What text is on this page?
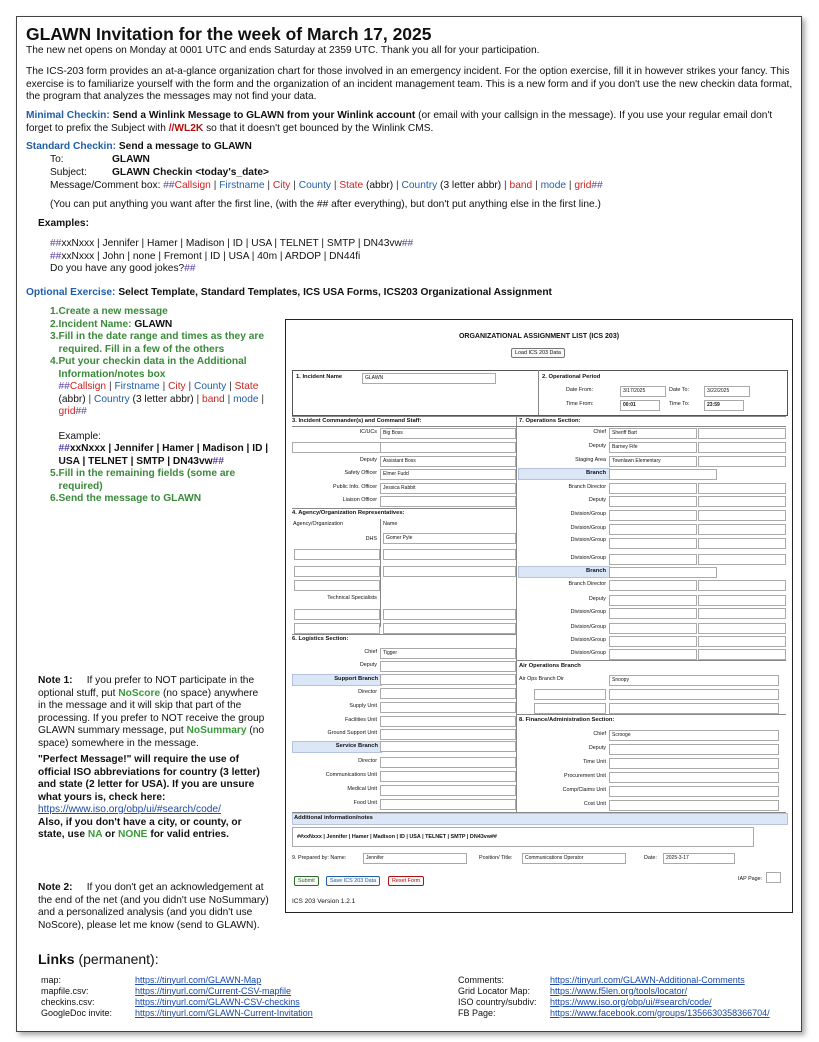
GLAWN Invitation for the week of March 17, 2025
The new net opens on Monday at 0001 UTC and ends Saturday at 2359 UTC. Thank you all for your participation.
The ICS-203 form provides an at-a-glance organization chart for those involved in an emergency incident. For the option exercise, fill it in however strikes your fancy. This exercise is to familiarize yourself with the form and the organization of an incident management team. This is a new form and if you don't use the new checkin data format, the program that analyzes the messages may not find your data.
Minimal Checkin: Send a Winlink Message to GLAWN from your Winlink account (or email with your callsign in the message). If you use your regular email don't forget to prefix the Subject with //WL2K so that it doesn't get bounced by the Winlink CMS.
Standard Checkin: Send a message to GLAWN
To:	GLAWN
Subject: GLAWN Checkin <today's_date>
Message/Comment box: ##Callsign | Firstname | City | County | State (abbr) | Country (3 letter abbr) | band | mode | grid##
(You can put anything you want after the first line, (with the ## after everything), but don't put anything else in the first line.)
Examples:
##xxNxxx | Jennifer | Hamer | Madison | ID | USA | TELNET | SMTP | DN43vw##
##xxNxxx | John | none | Fremont | ID | USA | 40m | ARDOP | DN44fi
Do you have any good jokes?##
Optional Exercise: Select Template, Standard Templates, ICS USA Forms, ICS203 Organizational Assignment
1.Create a new message
2.Incident Name: GLAWN
3. Fill in the date range and times as they are required. Fill in a few of the others
4. Put your checkin data in the Additional Information/notes box
##Callsign | Firstname | City | County | State (abbr) | Country (3 letter abbr) | band | mode | grid##
Example:
##xxNxxx | Jennifer | Hamer | Madison | ID | USA | TELNET | SMTP | DN43vw##
5. Fill in the remaining fields (some are required)
6.Send the message to GLAWN
Note 1: If you prefer to NOT participate in the optional stuff, put NoScore (no space) anywhere in the message and it will skip that part of the processing. If you prefer to NOT receive the group GLAWN summary message, put NoSummary (no space) somewhere in the message.
"Perfect Message!" will require the use of official ISO abbreviations for country (3 letter) and state (2 letter for USA). If you are unsure what yours is, check here:
https://www.iso.org/obp/ui/#search/code/
Also, if you don't have a city, or county, or state, use NA or NONE for valid entries.
Note 2: If you don't get an acknowledgement at the end of the net (and you didn't use NoSummary) and a personalized analysis (and you didn't use NoScore), please let me know (send to GLAWN).
Links (permanent):
map:	https://tinyurl.com/GLAWN-Map
mapfile.csv:	https://tinyurl.com/Current-CSV-mapfile
checkins.csv:	https://tinyurl.com/GLAWN-CSV-checkins
GoogleDoc invite:	https://tinyurl.com/GLAWN-Current-Invitation
Comments:	https://tinyurl.com/GLAWN-Additional-Comments
Grid Locator Map:	https://www.f5len.org/tools/locator/
ISO country/subdiv:	https://www.iso.org/obp/ui/#search/code/
FB Page:	https://www.facebook.com/groups/1356630358366704/
ORGANIZATIONAL ASSIGNMENT LIST (ICS 203)
Load ICS 203 Data
1. Incident Name	GLAWN	2. Operational Period
Date From:	3/17/2025	Date To:	3/22/2025
Time From:	00:01	Time To:	23:59
3. Incident Commander(s) and Command Staff:
IC/UCs	Big Boss
Deputy	Assistant Boss
Safety Officer	Elmer Fudd
Public Info. Officer	Jessica Rabbit
Liaison Officer
4. Agency/Organization Representatives:
Agency/Organization	Name
DHS	Gomer Pyle
Technical Specialists
6. Logistics Section:
Chief	Tigger
Deputy
Support Branch
Director
Supply Unit
Facilities Unit
Ground Support Unit
Service Branch
Director
Communications Unit
Medical Unit
Food Unit
7. Operations Section:
Chief	Sheriff Bart
Deputy	Barney Fife
Staging Area	Townlawn Elementary
Branch
Branch Director
Deputy
Division/Group
Division/Group
Division/Group
Division/Group
Branch
Branch Director
Deputy
Division/Group
Division/Group
Division/Group
Division/Group
Air Operations Branch
Air Ops Branch Dir	Snoopy
8. Finance/Administration Section:
Chief	Scrooge
Deputy
Time Unit
Procurement Unit
Comp/Claims Unit
Cost Unit
Additional information/notes
##xxNxxx | Jennifer | Hamer | Madison | ID | USA | TELNET | SMTP | DN43vw##
9. Prepared by: Name:	Jennifer	Position/ Title:	Communications Operator	Date:	2025-3-17
IAP Page:
Submit	Save ICS 203 Data	Reset Form
ICS 203 Version 1.2.1
